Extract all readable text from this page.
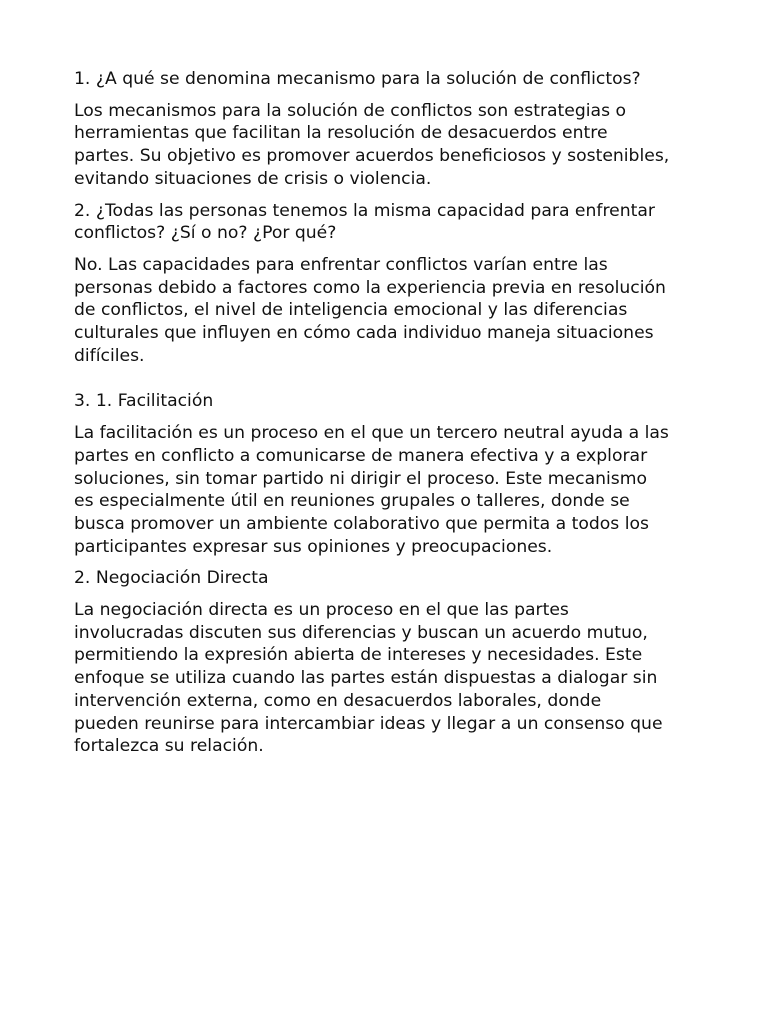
1. ¿A qué se denomina mecanismo para la solución de conflictos?

Los mecanismos para la solución de conflictos son estrategias o
herramientas que facilitan la resolución de desacuerdos entre
partes. Su objetivo es promover acuerdos beneficiosos y sostenibles,
evitando situaciones de crisis o violencia.

2. ¿Todas las personas tenemos la misma capacidad para enfrentar
conflictos? ¿Sí o no? ¿Por qué?

No. Las capacidades para enfrentar conflictos varían entre las
personas debido a factores como la experiencia previa en resolución
de conflictos, el nivel de inteligencia emocional y las diferencias
culturales que influyen en cómo cada individuo maneja situaciones
difíciles.

3. 1. Facilitación

La facilitación es un proceso en el que un tercero neutral ayuda a las
partes en conflicto a comunicarse de manera efectiva y a explorar
soluciones, sin tomar partido ni dirigir el proceso. Este mecanismo
es especialmente útil en reuniones grupales o talleres, donde se
busca promover un ambiente colaborativo que permita a todos los
participantes expresar sus opiniones y preocupaciones.

2. Negociación Directa

La negociación directa es un proceso en el que las partes
involucradas discuten sus diferencias y buscan un acuerdo mutuo,
permitiendo la expresión abierta de intereses y necesidades. Este
enfoque se utiliza cuando las partes están dispuestas a dialogar sin
intervención externa, como en desacuerdos laborales, donde
pueden reunirse para intercambiar ideas y llegar a un consenso que
fortalezca su relación.
